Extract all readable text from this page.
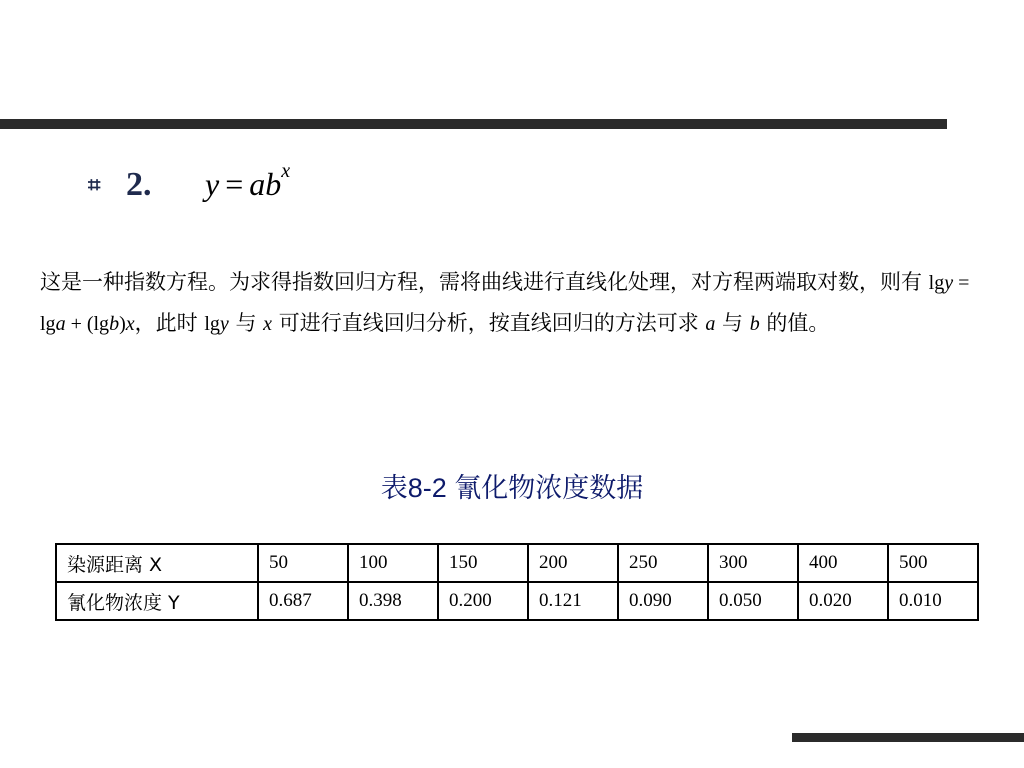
⌗ 2. $y = ab^x$
这是一种指数方程。为求得指数回归方程，需将曲线进行直线化处理，对方程两端取对数，则有 lgy = lga + (lgb)x，此时 lgy 与 x 可进行直线回归分析，按直线回归的方法可求 a 与 b 的值。
表8-2 氰化物浓度数据
染源距离 X	50	100	150	200	250	300	400	500
氰化物浓度 Y	0.687	0.398	0.200	0.121	0.090	0.050	0.020	0.010
